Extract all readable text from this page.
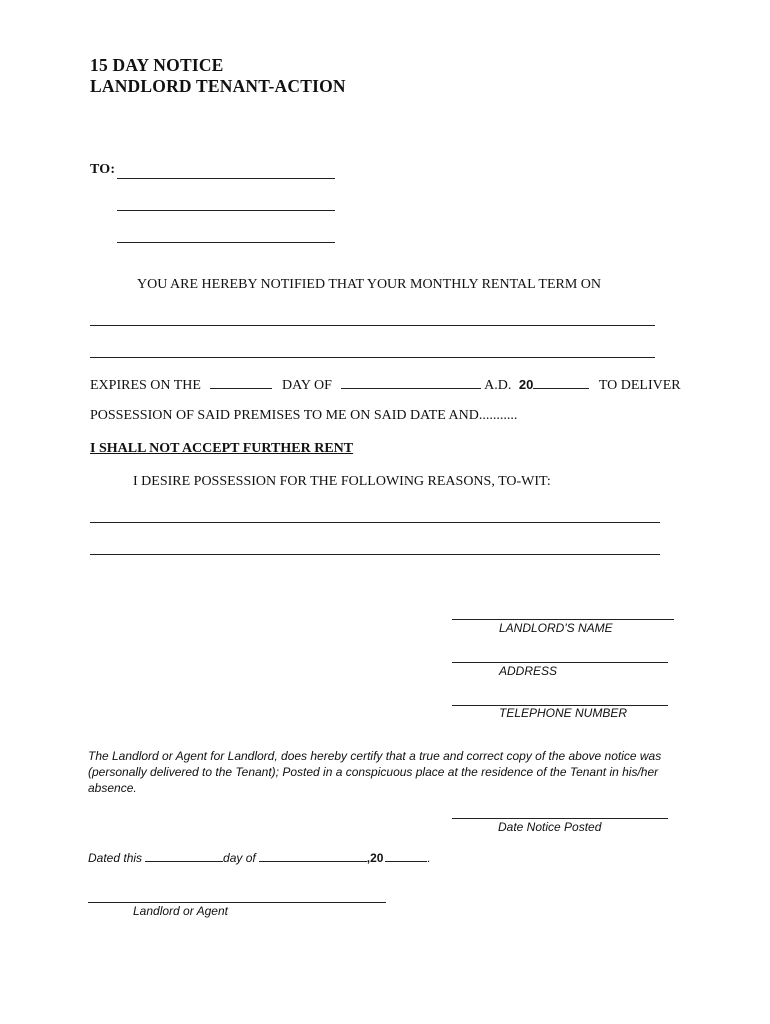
15 DAY NOTICE
LANDLORD TENANT-ACTION
TO:
YOU ARE HEREBY NOTIFIED THAT YOUR MONTHLY RENTAL TERM ON
EXPIRES ON THE	DAY OF	A.D. 20	TO DELIVER
POSSESSION OF SAID PREMISES TO ME ON SAID DATE AND...........
I SHALL NOT ACCEPT FURTHER RENT
I DESIRE POSSESSION FOR THE FOLLOWING REASONS, TO-WIT:
LANDLORD'S NAME
ADDRESS
TELEPHONE NUMBER
The Landlord or Agent for Landlord, does hereby certify that a true and correct copy of the above notice was (personally delivered to the Tenant); Posted in a conspicuous place at the residence of the Tenant in his/her absence.
Date Notice Posted
Dated this	day of	,20	.
Landlord or Agent
